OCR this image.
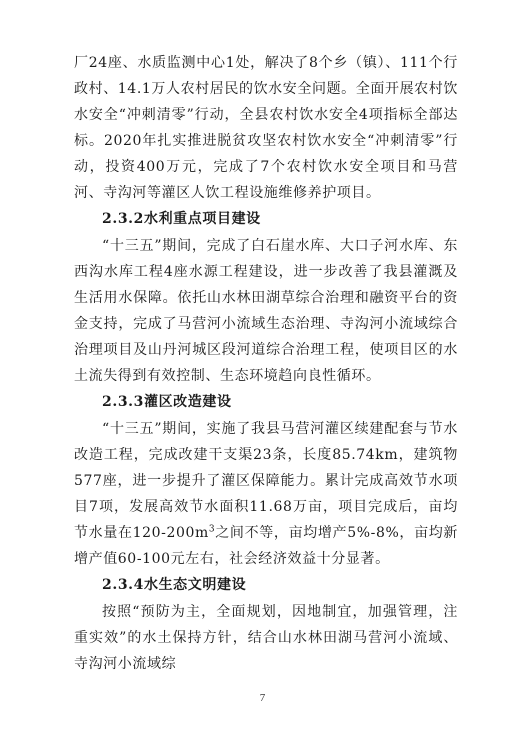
厂24座、水质监测中心1处，解决了8个乡（镇）、111个行政村、14.1万人农村居民的饮水安全问题。全面开展农村饮水安全“冲刺清零”行动，全县农村饮水安全4项指标全部达标。2020年扎实推进脱贫攻坚农村饮水安全“冲刺清零”行动，投资400万元，完成了7个农村饮水安全项目和马营河、寺沟河等灌区人饮工程设施维修养护项目。

2.3.2水利重点项目建设

“十三五”期间，完成了白石崖水库、大口子河水库、东西沟水库工程4座水源工程建设，进一步改善了我县灌溉及生活用水保障。依托山水林田湖草综合治理和融资平台的资金支持，完成了马营河小流域生态治理、寺沟河小流域综合治理项目及山丹河城区段河道综合治理工程，使项目区的水土流失得到有效控制、生态环境趋向良性循环。

2.3.3灌区改造建设

“十三五”期间，实施了我县马营河灌区续建配套与节水改造工程，完成改建干支渠23条，长度85.74km，建筑物577座，进一步提升了灌区保障能力。累计完成高效节水项目7项，发展高效节水面积11.68万亩，项目完成后，亩均节水量在$120-200m^3$之间不等，亩均增产5%-8%，亩均新增产值60-100元左右，社会经济效益十分显著。

2.3.4水生态文明建设

按照“预防为主，全面规划，因地制宜，加强管理，注重实效”的水土保持方针，结合山水林田湖马营河小流域、寺沟河小流域综

7
